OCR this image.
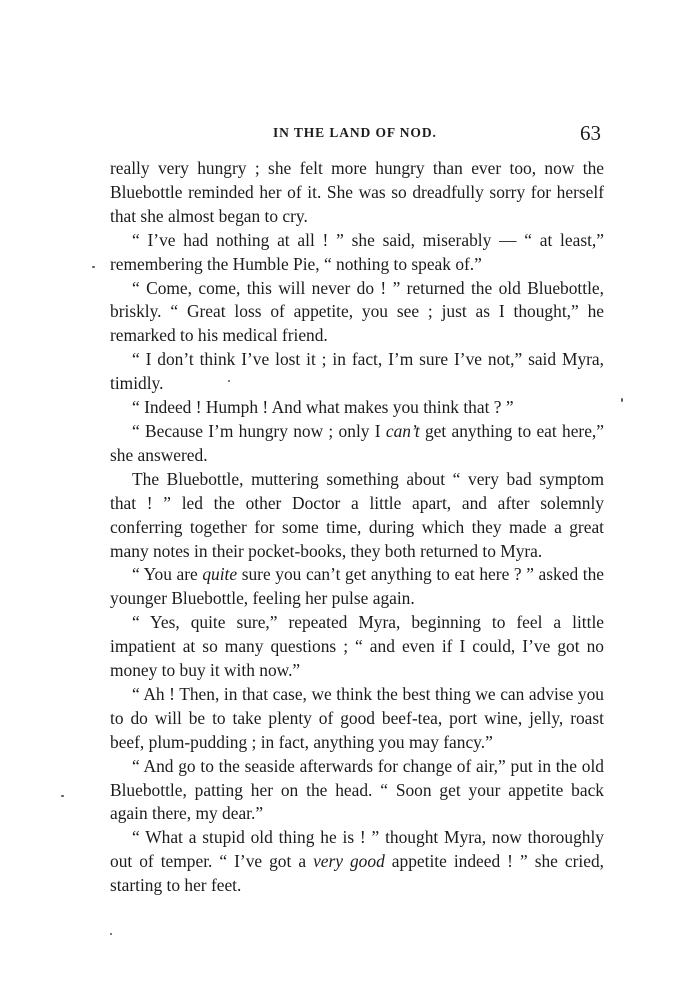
IN THE LAND OF NOD.	63

really very hungry ; she felt more hungry than ever too, now the Bluebottle reminded her of it. She was so dreadfully sorry for herself that she almost began to cry.

“ I’ve had nothing at all ! ” she said, miserably — “ at least,” remembering the Humble Pie, “ nothing to speak of.”

“ Come, come, this will never do ! ” returned the old Bluebottle, briskly. “ Great loss of appetite, you see ; just as I thought,” he remarked to his medical friend.

“ I don’t think I’ve lost it ; in fact, I’m sure I’ve not,” said Myra, timidly.

“ Indeed ! Humph ! And what makes you think that ? ”

“ Because I’m hungry now ; only I can’t get anything to eat here,” she answered.

The Bluebottle, muttering something about “ very bad symptom that ! ” led the other Doctor a little apart, and after solemnly conferring together for some time, during which they made a great many notes in their pocket-books, they both returned to Myra.

“ You are quite sure you can’t get anything to eat here ? ” asked the younger Bluebottle, feeling her pulse again.

“ Yes, quite sure,” repeated Myra, beginning to feel a little impatient at so many questions ; “ and even if I could, I’ve got no money to buy it with now.”

“ Ah ! Then, in that case, we think the best thing we can advise you to do will be to take plenty of good beef-tea, port wine, jelly, roast beef, plum-pudding ; in fact, anything you may fancy.”

“ And go to the seaside afterwards for change of air,” put in the old Bluebottle, patting her on the head. “ Soon get your appetite back again there, my dear.”

“ What a stupid old thing he is ! ” thought Myra, now thoroughly out of temper. “ I’ve got a very good appetite indeed ! ” she cried, starting to her feet.
